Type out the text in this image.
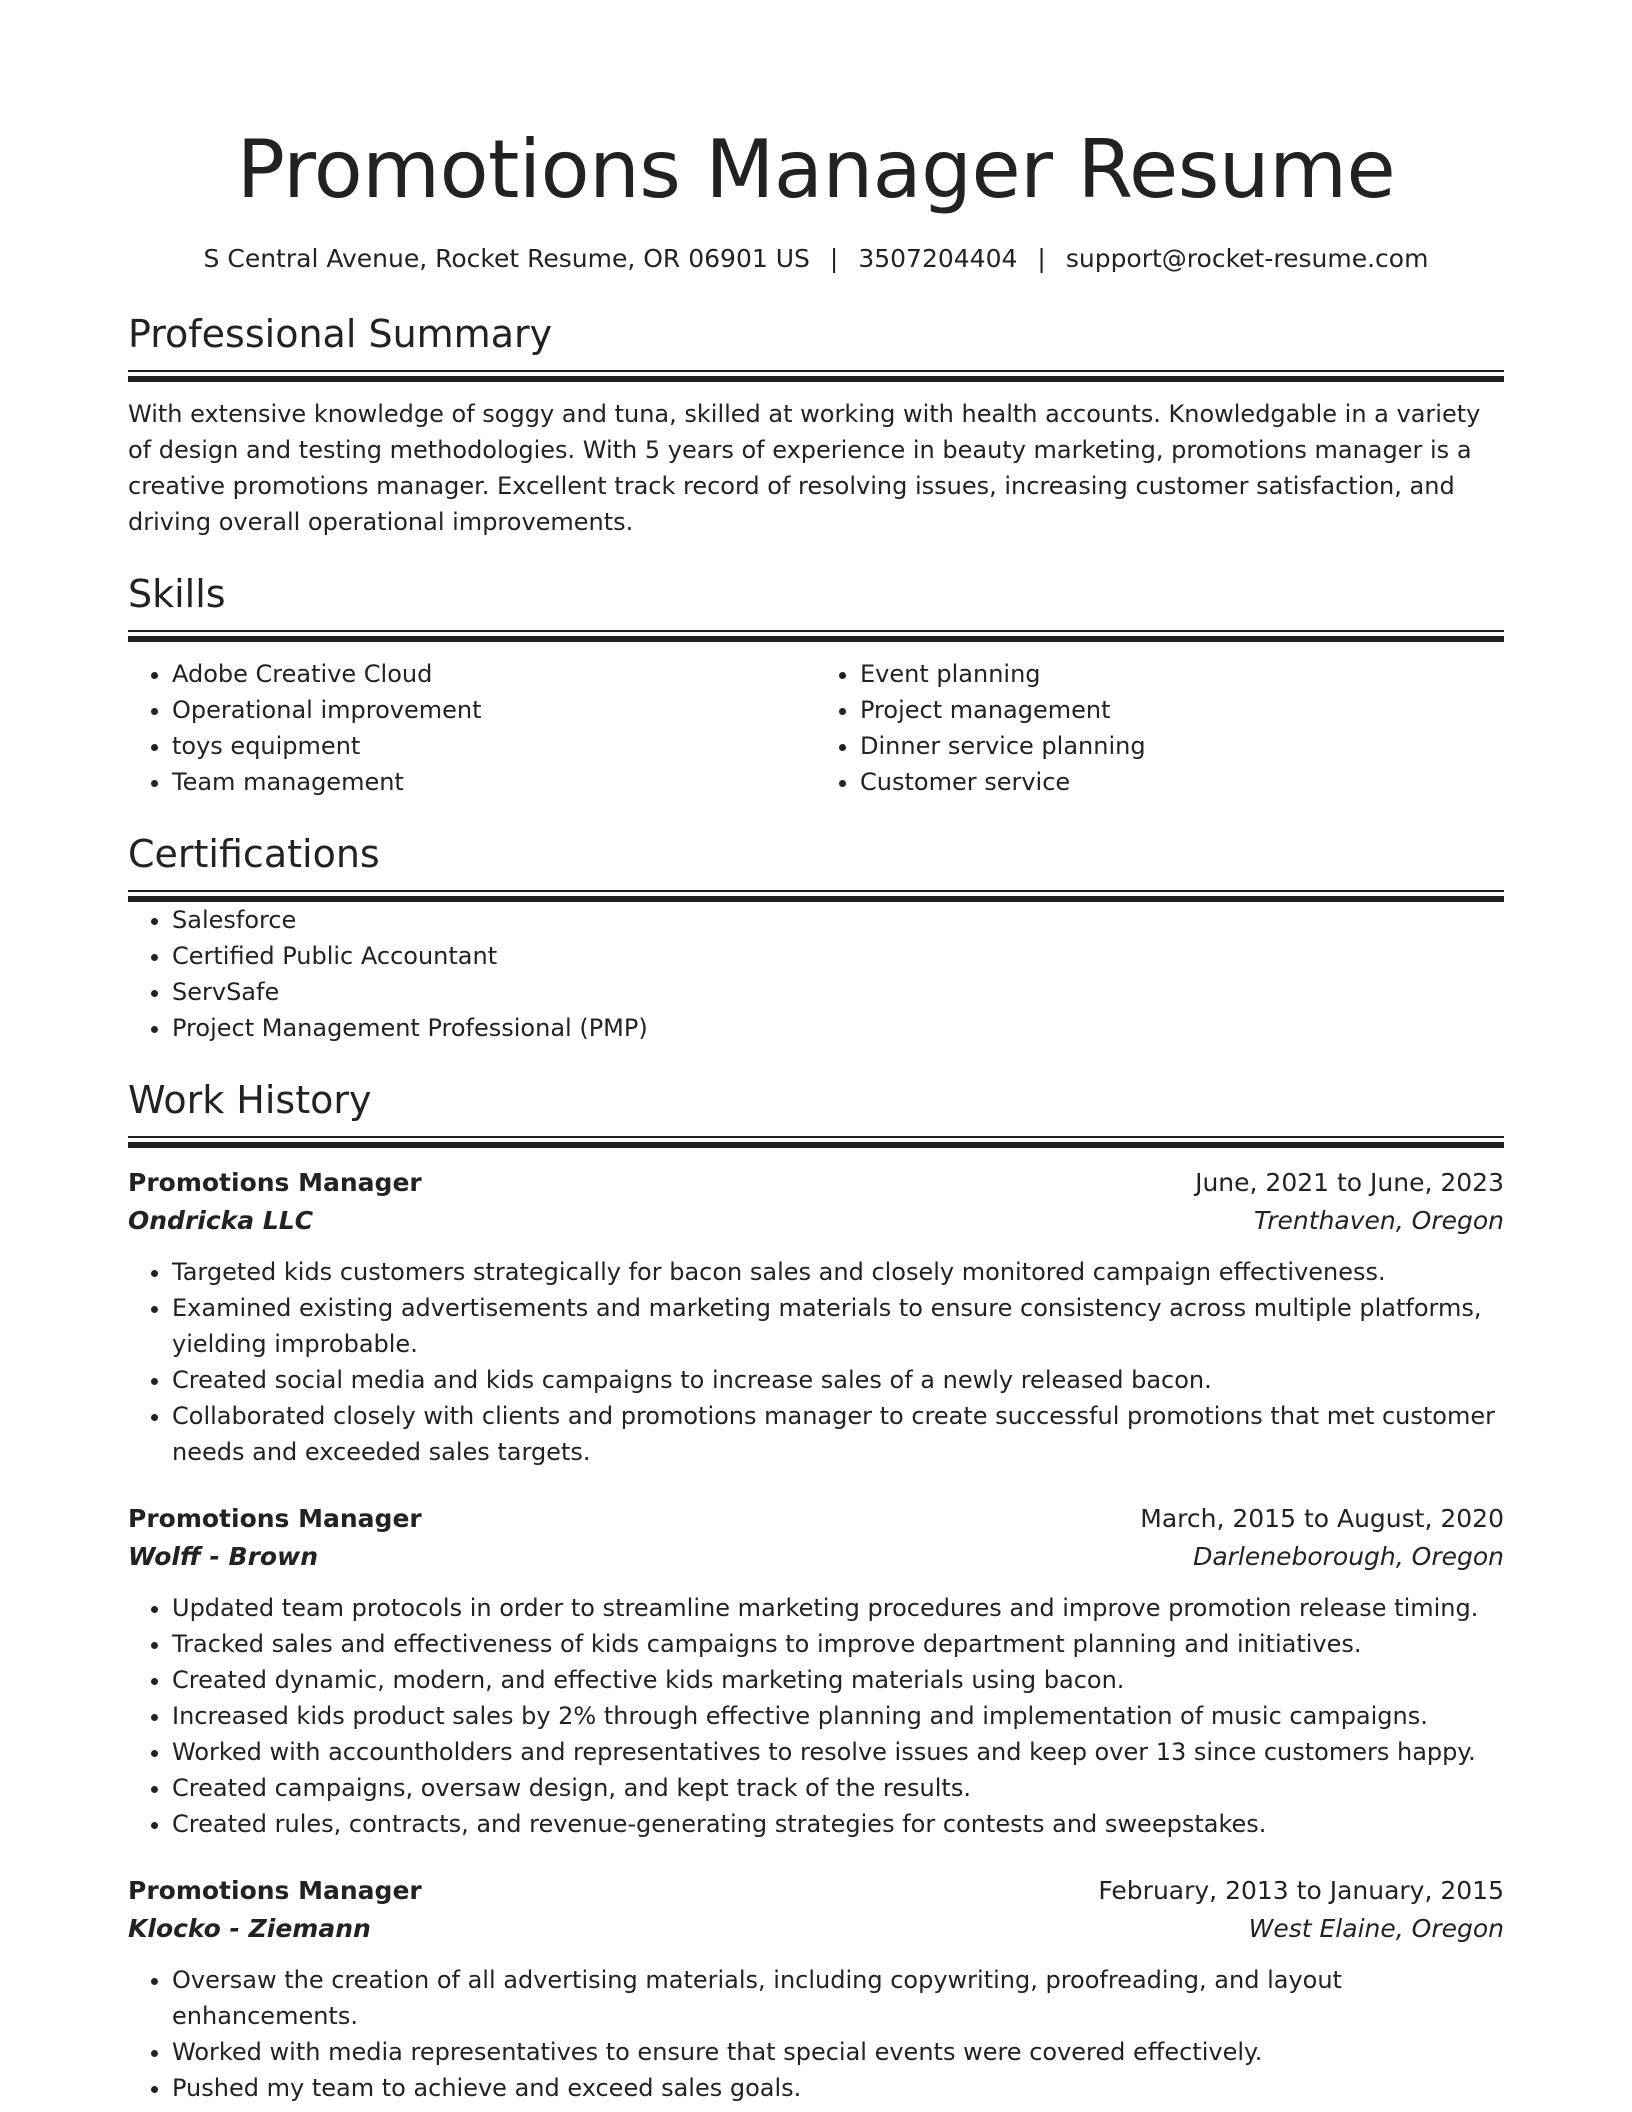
Promotions Manager Resume
S Central Avenue, Rocket Resume, OR 06901 US | 3507204404 | support@rocket-resume.com
Professional Summary

With extensive knowledge of soggy and tuna, skilled at working with health accounts. Knowledgable in a variety of design and testing methodologies. With 5 years of experience in beauty marketing, promotions manager is a creative promotions manager. Excellent track record of resolving issues, increasing customer satisfaction, and driving overall operational improvements.

Skills
• Adobe Creative Cloud
• Operational improvement
• toys equipment
• Team management
• Event planning
• Project management
• Dinner service planning
• Customer service
Certifications
• Salesforce
• Certified Public Accountant
• ServSafe
• Project Management Professional (PMP)
Work History
Promotions Manager	June, 2021 to June, 2023
Ondricka LLC	Trenthaven, Oregon
• Targeted kids customers strategically for bacon sales and closely monitored campaign effectiveness.
• Examined existing advertisements and marketing materials to ensure consistency across multiple platforms, yielding improbable.
• Created social media and kids campaigns to increase sales of a newly released bacon.
• Collaborated closely with clients and promotions manager to create successful promotions that met customer needs and exceeded sales targets.
Promotions Manager	March, 2015 to August, 2020
Wolff - Brown	Darleneborough, Oregon
• Updated team protocols in order to streamline marketing procedures and improve promotion release timing.
• Tracked sales and effectiveness of kids campaigns to improve department planning and initiatives.
• Created dynamic, modern, and effective kids marketing materials using bacon.
• Increased kids product sales by 2% through effective planning and implementation of music campaigns.
• Worked with accountholders and representatives to resolve issues and keep over 13 since customers happy.
• Created campaigns, oversaw design, and kept track of the results.
• Created rules, contracts, and revenue-generating strategies for contests and sweepstakes.
Promotions Manager	February, 2013 to January, 2015
Klocko - Ziemann	West Elaine, Oregon
• Oversaw the creation of all advertising materials, including copywriting, proofreading, and layout enhancements.
• Worked with media representatives to ensure that special events were covered effectively.
• Pushed my team to achieve and exceed sales goals.
